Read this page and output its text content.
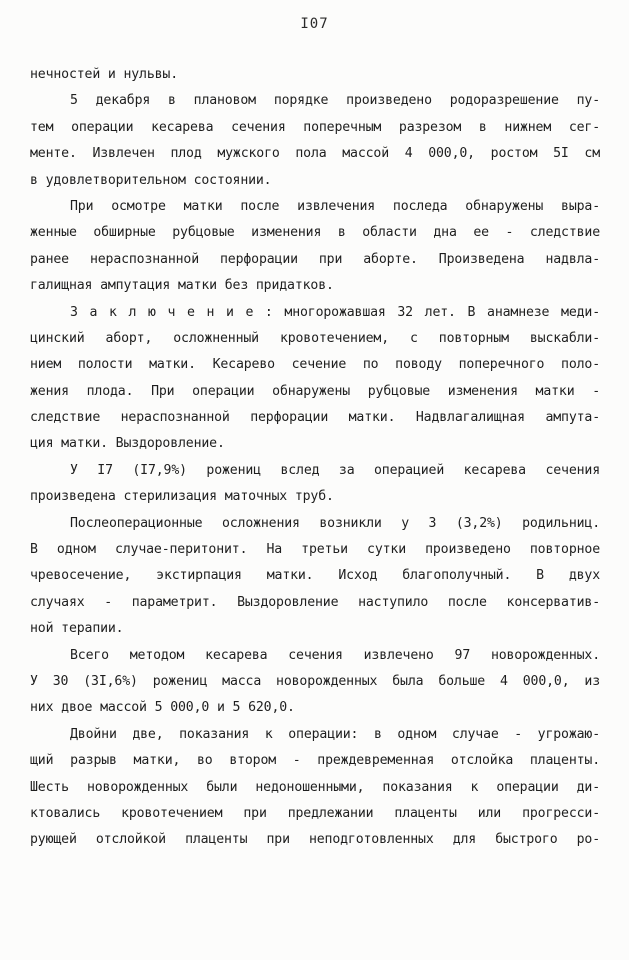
I07
нечностей и нульвы.
5 декабря в плановом порядке произведено родоразрешение пу-
тем операции кесарева сечения поперечным разрезом в нижнем сег-
менте. Извлечен плод мужского пола массой 4 000,0, ростом 5I см
в удовлетворительном состоянии.
При осмотре матки после извлечения последа обнаружены выра-
женные обширные рубцовые изменения в области дна ее - следствие
ранее нераспознанной перфорации при аборте. Произведена надвла-
галищная ампутация матки без придатков.
З а к л ю ч е н и е : многорожавшая 32 лет. В анамнезе меди-
цинский аборт, осложненный кровотечением, с повторным выскабли-
нием полости матки. Кесарево сечение по поводу поперечного поло-
жения плода. При операции обнаружены рубцовые изменения матки -
следствие нераспознанной перфорации матки. Надвлагалищная ампута-
ция матки. Выздоровление.
У I7 (I7,9%) рожениц вслед за операцией кесарева сечения
произведена стерилизация маточных труб.
Послеоперационные осложнения возникли у 3 (3,2%) родильниц.
В одном случае-перитонит. На третьи сутки произведено повторное
чревосечение, экстирпация матки. Исход благополучный. В двух
случаях - параметрит. Выздоровление наступило после консерватив-
ной терапии.
Всего методом кесарева сечения извлечено 97 новорожденных.
У 30 (3I,6%) рожениц масса новорожденных была больше 4 000,0, из
них двое массой 5 000,0 и 5 620,0.
Двойни две, показания к операции: в одном случае - угрожаю-
щий разрыв матки, во втором - преждевременная отслойка плаценты.
Шесть новорожденных были недоношенными, показания к операции ди-
ктовались кровотечением при предлежании плаценты или прогресси-
рующей отслойкой плаценты при неподготовленных для быстрого ро-
